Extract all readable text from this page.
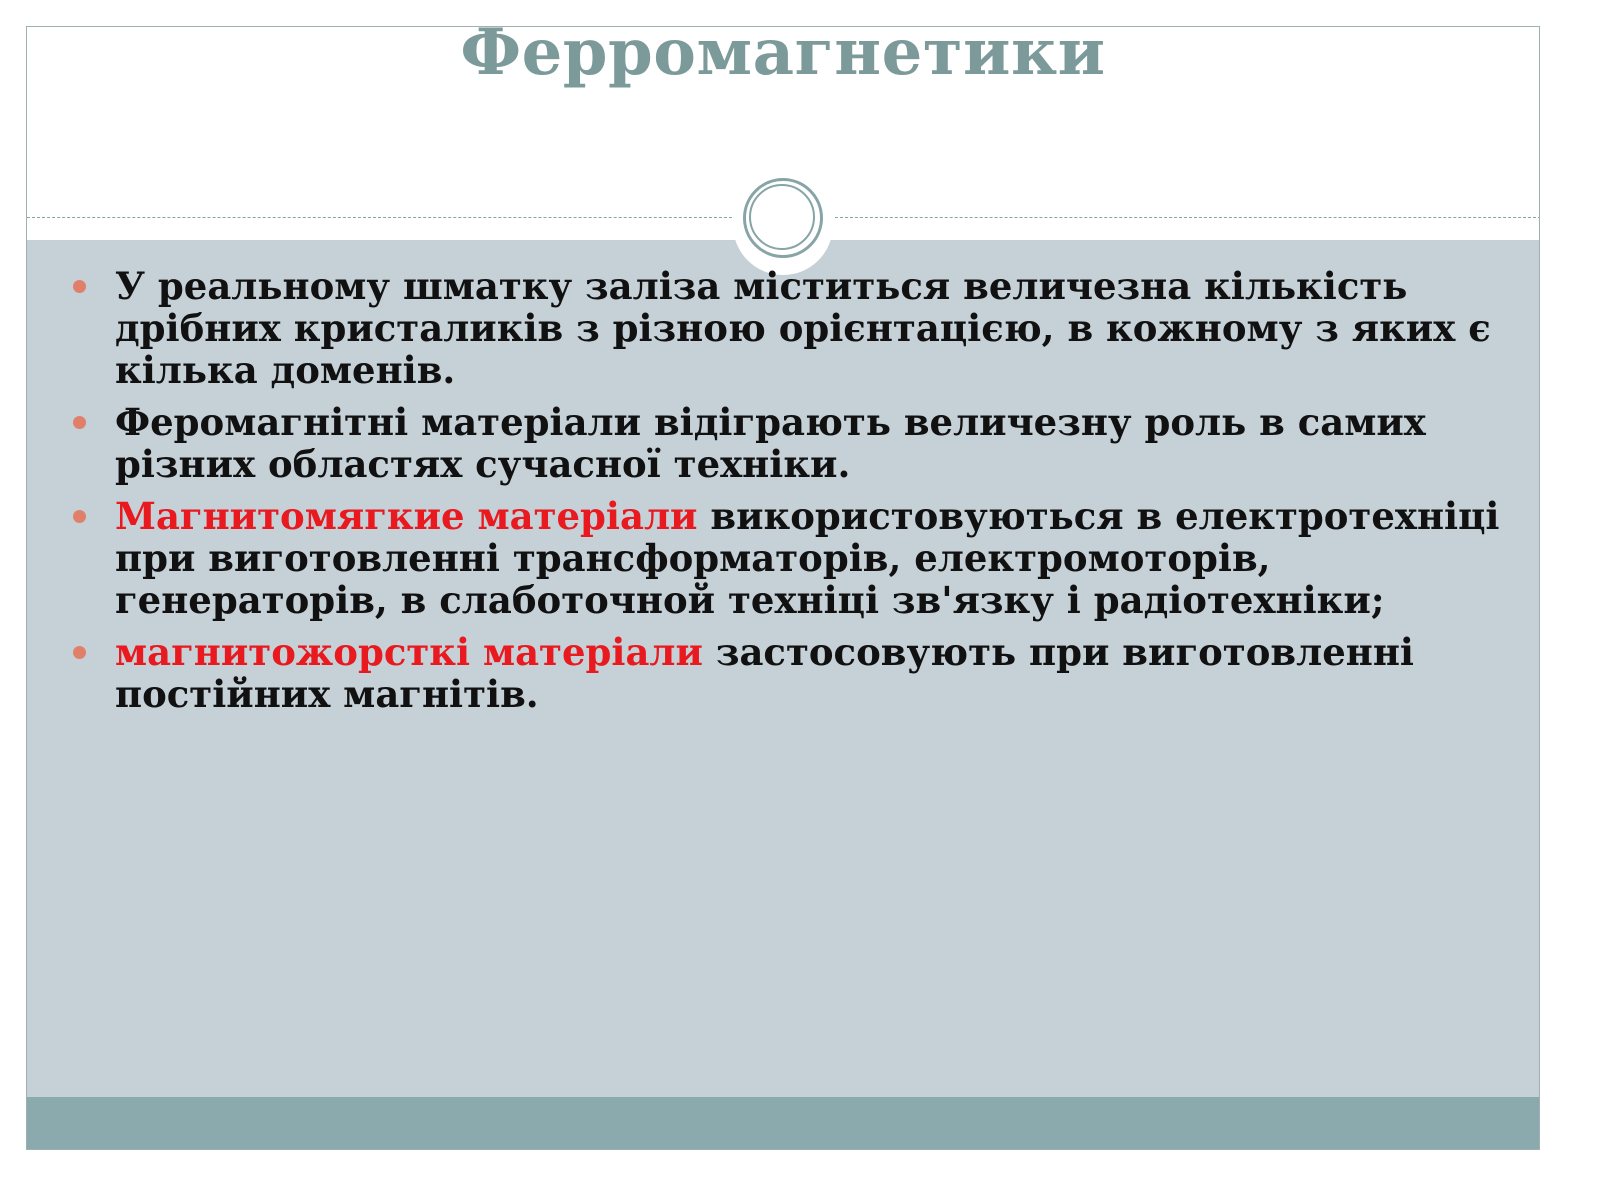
Ферромагнетики
У реальному шматку заліза міститься величезна кількість дрібних кристаликів з різною орієнтацією, в кожному з яких є кілька доменів.
Феромагнітні матеріали відіграють величезну роль в самих різних областях сучасної техніки.
Магнитомягкие матеріали використовуються в електротехніці при виготовленні трансформаторів, електромоторів, генераторів, в слаботочной техніці зв'язку і радіотехніки;
магнитожорсткі матеріали застосовують при виготовленні постійних магнітів.
